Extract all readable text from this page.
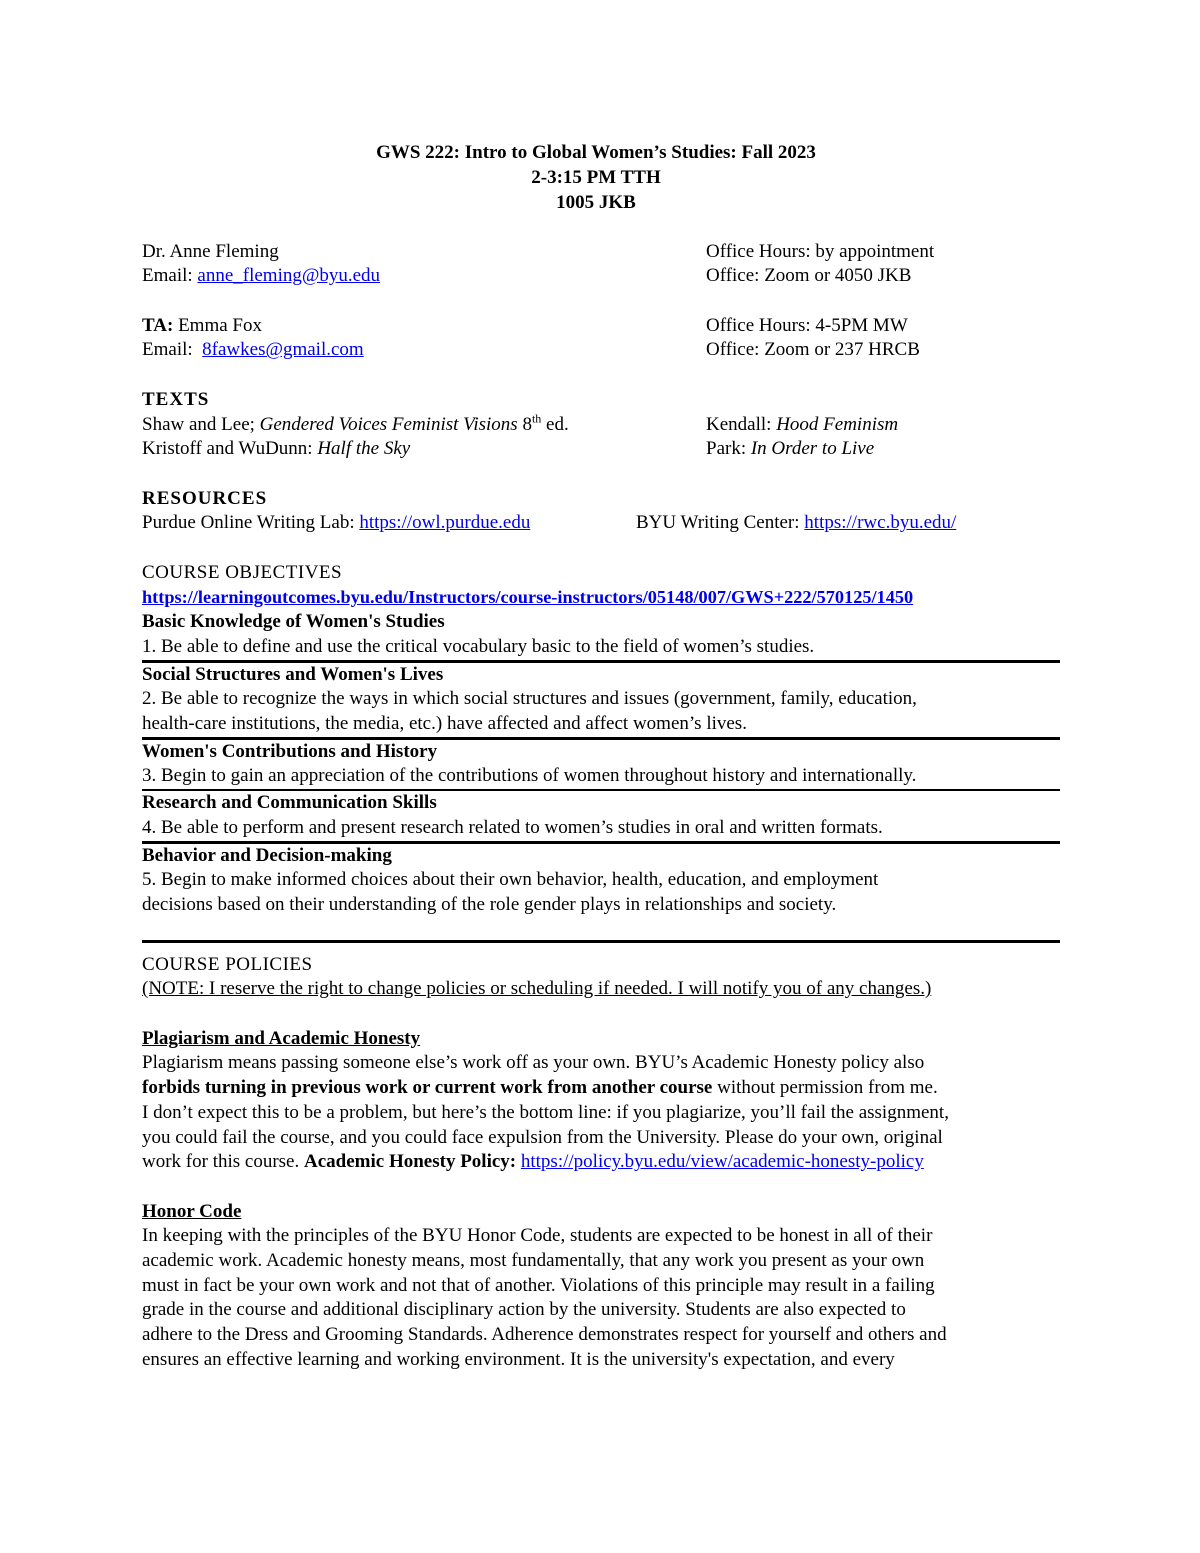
GWS 222: Intro to Global Women’s Studies: Fall 2023
2-3:15 PM TTH
1005 JKB
Dr. Anne Fleming	Office Hours: by appointment
Email: anne_fleming@byu.edu	Office: Zoom or 4050 JKB
TA: Emma Fox	Office Hours: 4-5PM MW
Email:  8fawkes@gmail.com	Office: Zoom or 237 HRCB
TEXTS
Shaw and Lee; Gendered Voices Feminist Visions 8th ed.	Kendall: Hood Feminism
Kristoff and WuDunn: Half the Sky	Park: In Order to Live
RESOURCES
Purdue Online Writing Lab: https://owl.purdue.edu	BYU Writing Center: https://rwc.byu.edu/
COURSE OBJECTIVES
https://learningoutcomes.byu.edu/Instructors/course-instructors/05148/007/GWS+222/570125/1450
Basic Knowledge of Women's Studies
1. Be able to define and use the critical vocabulary basic to the field of women’s studies.
Social Structures and Women's Lives
2. Be able to recognize the ways in which social structures and issues (government, family, education,
health-care institutions, the media, etc.) have affected and affect women’s lives.
Women's Contributions and History
3. Begin to gain an appreciation of the contributions of women throughout history and internationally.
Research and Communication Skills
4. Be able to perform and present research related to women’s studies in oral and written formats.
Behavior and Decision-making
5. Begin to make informed choices about their own behavior, health, education, and employment
decisions based on their understanding of the role gender plays in relationships and society.
COURSE POLICIES
(NOTE: I reserve the right to change policies or scheduling if needed. I will notify you of any changes.)
Plagiarism and Academic Honesty
Plagiarism means passing someone else’s work off as your own. BYU’s Academic Honesty policy also
forbids turning in previous work or current work from another course without permission from me.
I don’t expect this to be a problem, but here’s the bottom line: if you plagiarize, you’ll fail the assignment,
you could fail the course, and you could face expulsion from the University. Please do your own, original
work for this course. Academic Honesty Policy: https://policy.byu.edu/view/academic-honesty-policy
Honor Code
In keeping with the principles of the BYU Honor Code, students are expected to be honest in all of their
academic work. Academic honesty means, most fundamentally, that any work you present as your own
must in fact be your own work and not that of another. Violations of this principle may result in a failing
grade in the course and additional disciplinary action by the university. Students are also expected to
adhere to the Dress and Grooming Standards. Adherence demonstrates respect for yourself and others and
ensures an effective learning and working environment. It is the university's expectation, and every
